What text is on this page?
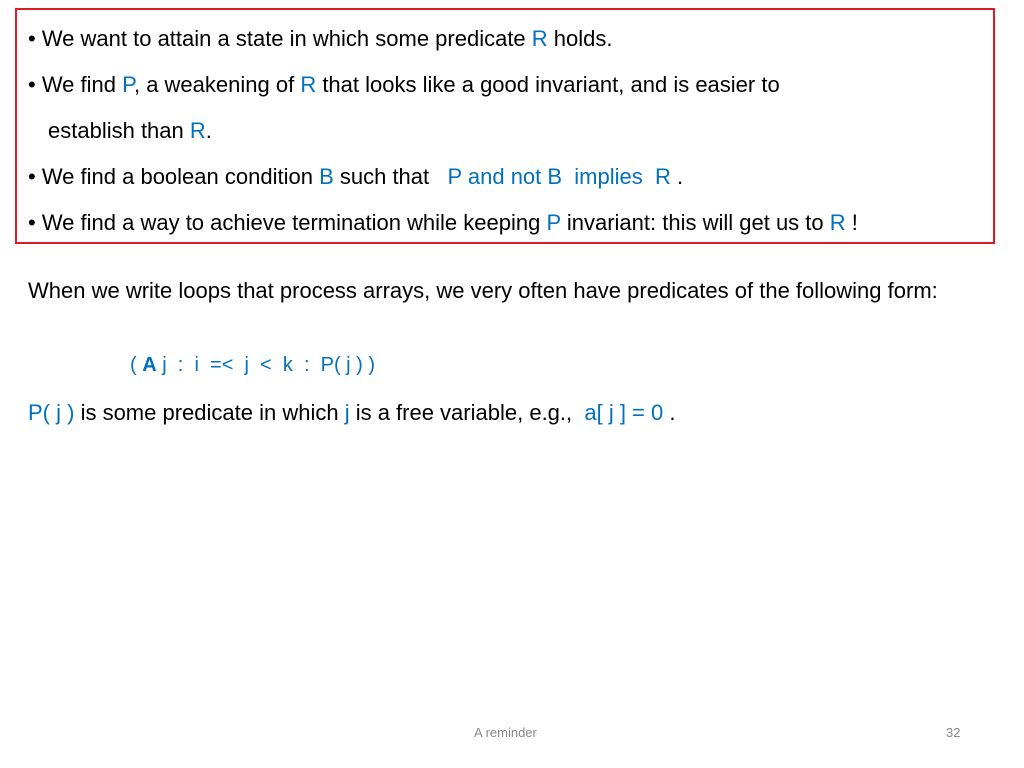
• We want to attain a state in which some predicate R holds.
• We find P, a weakening of R that looks like a good invariant, and is easier to
establish than R.
• We find a boolean condition B such that   P and not B  implies  R .
• We find a way to achieve termination while keeping P invariant: this will get us to R !
When we write loops that process arrays, we very often have predicates of the following form:
( A j  :  i  =<  j  <  k  :  P( j ) )
P( j ) is some predicate in which j is a free variable, e.g.,  a[ j ] = 0 .
A reminder	32
